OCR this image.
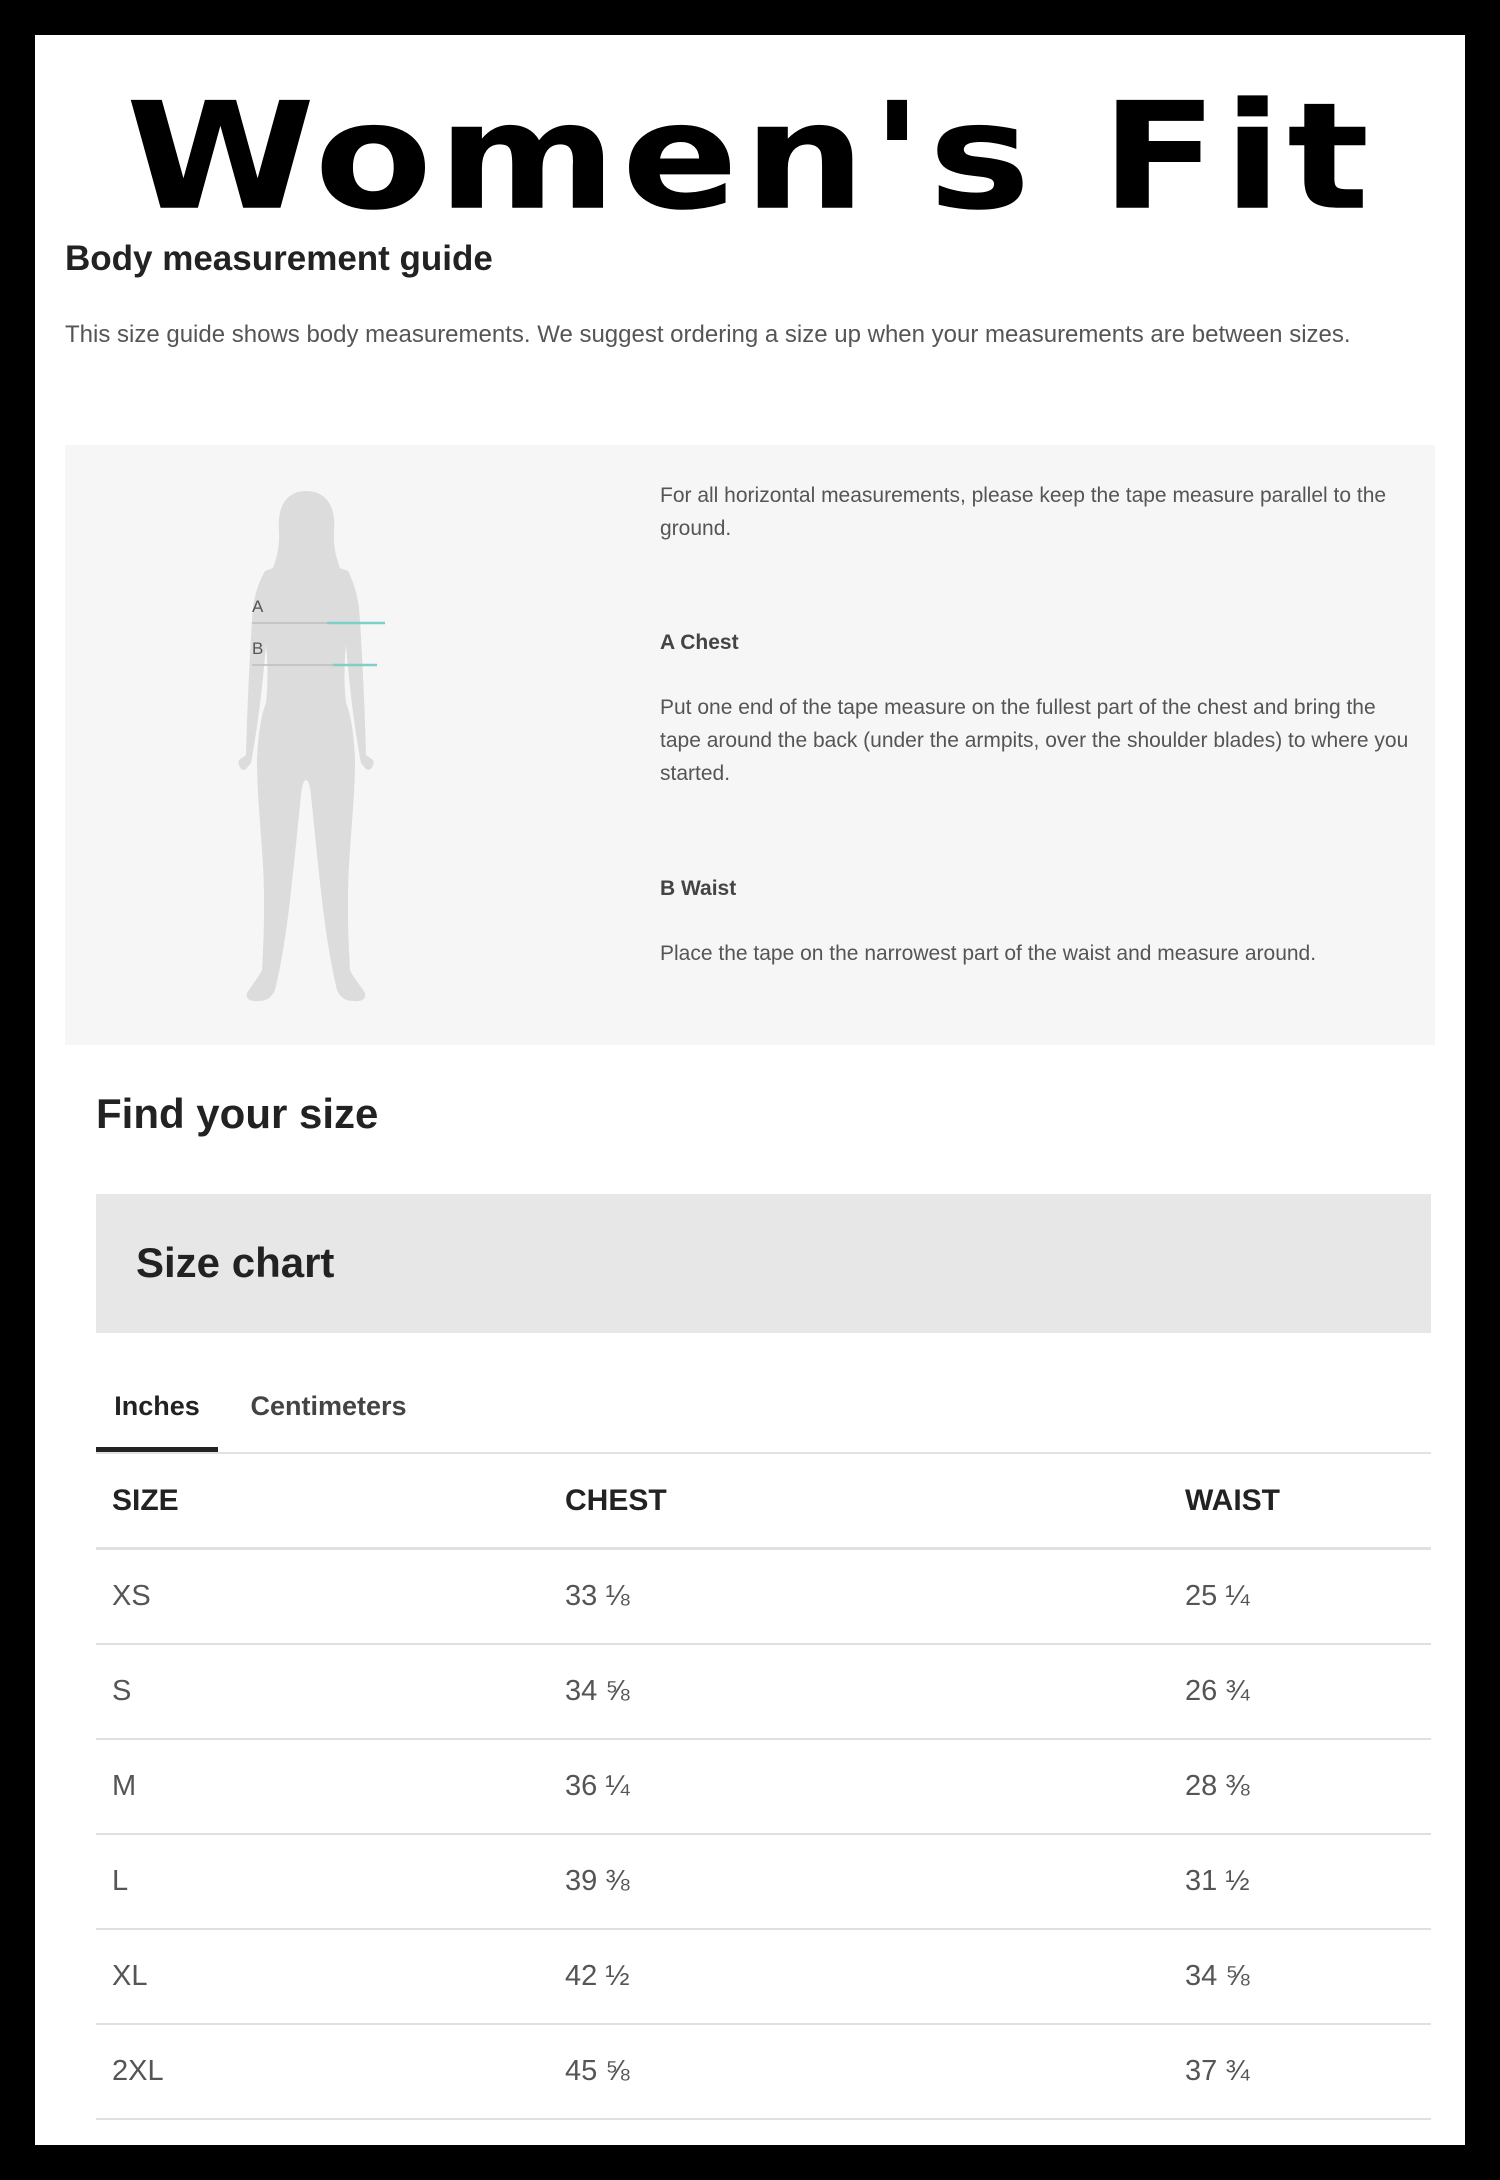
Women's Fit
Body measurement guide

This size guide shows body measurements. We suggest ordering a size up when your measurements are between sizes.

A
B

For all horizontal measurements, please keep the tape measure parallel to the ground.

A Chest

Put one end of the tape measure on the fullest part of the chest and bring the tape around the back (under the armpits, over the shoulder blades) to where you started.

B Waist

Place the tape on the narrowest part of the waist and measure around.

Find your size
Size chart
Inches	Centimeters
SIZE	CHEST	WAIST
XS	33 ⅛	25 ¼
S	34 ⅝	26 ¾
M	36 ¼	28 ⅜
L	39 ⅜	31 ½
XL	42 ½	34 ⅝
2XL	45 ⅝	37 ¾
